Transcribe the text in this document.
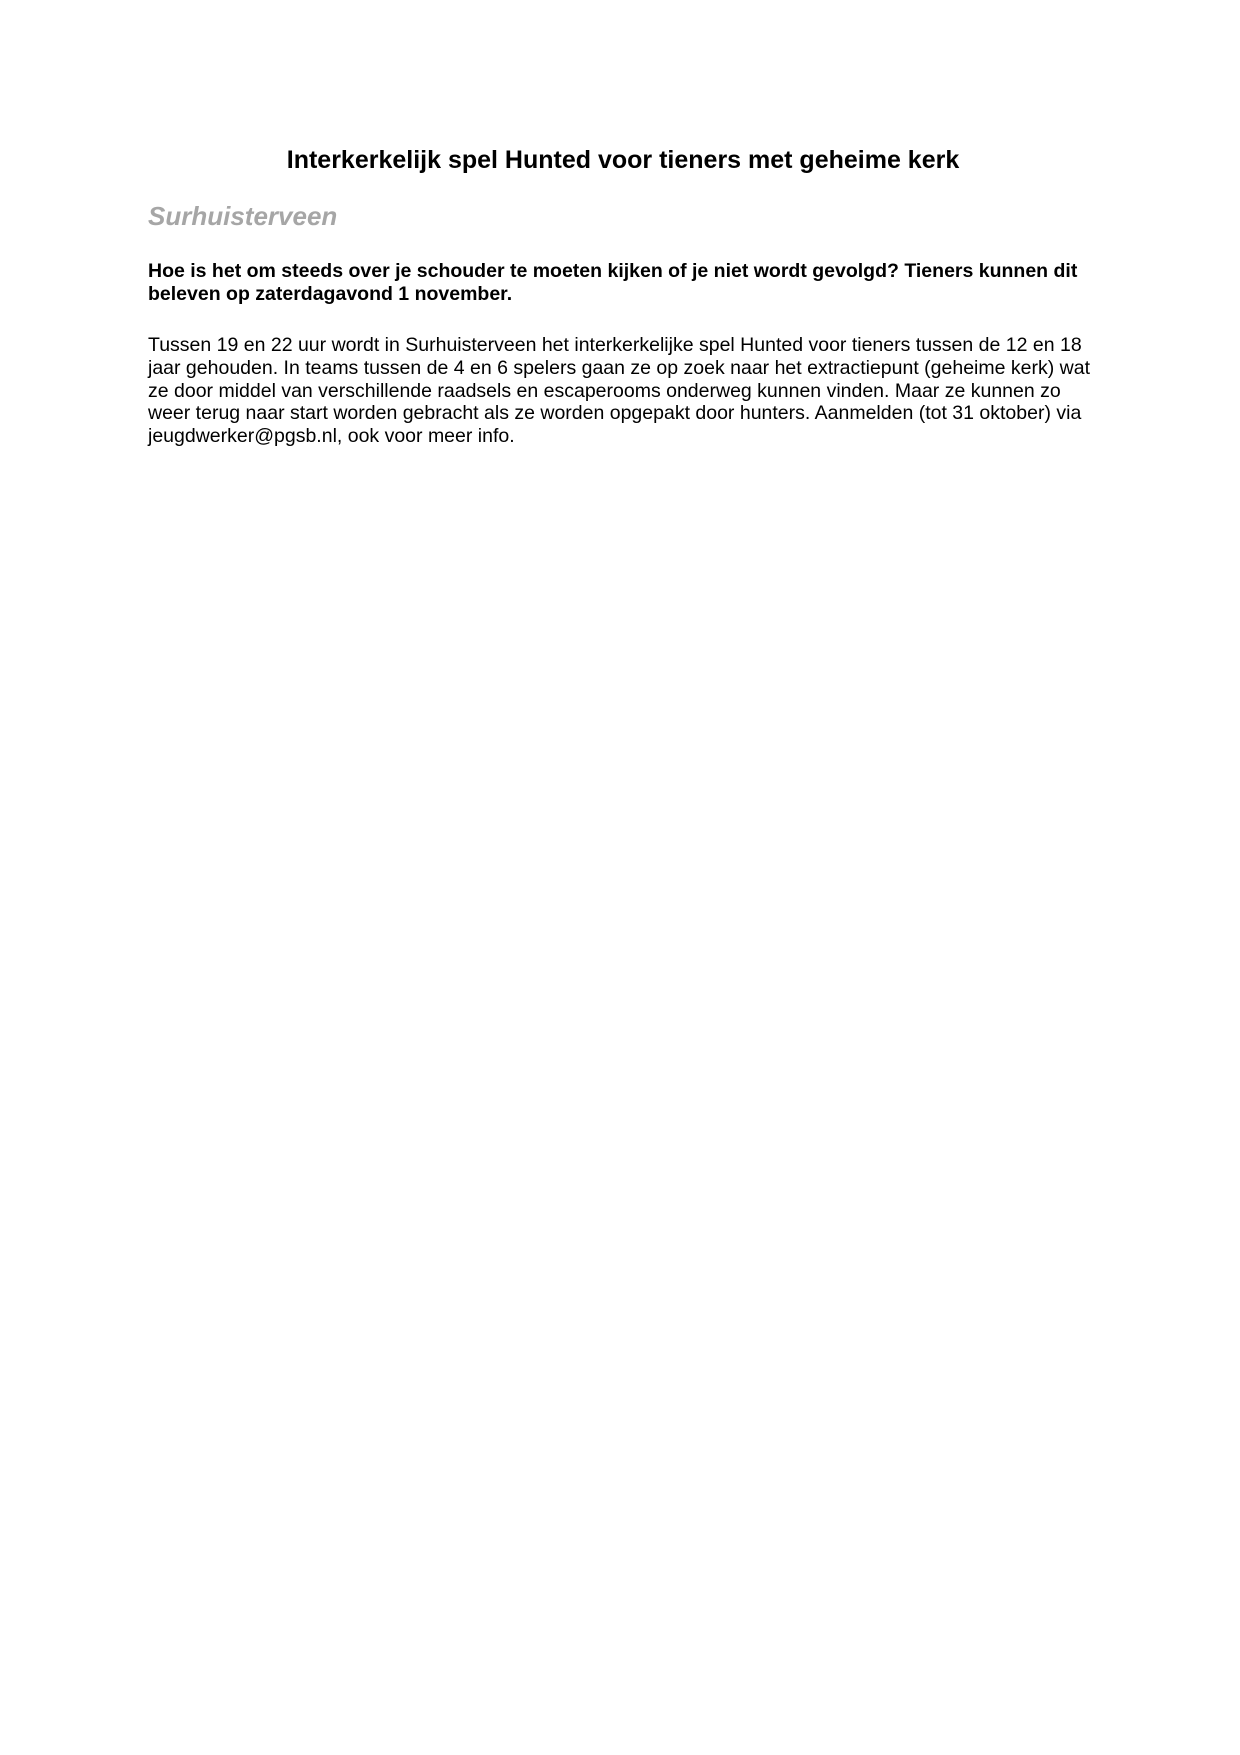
Interkerkelijk spel Hunted voor tieners met geheime kerk
Surhuisterveen

Hoe is het om steeds over je schouder te moeten kijken of je niet wordt gevolgd? Tieners kunnen dit beleven op zaterdagavond 1 november.

Tussen 19 en 22 uur wordt in Surhuisterveen het interkerkelijke spel Hunted voor tieners tussen de 12 en 18 jaar gehouden. In teams tussen de 4 en 6 spelers gaan ze op zoek naar het extractiepunt (geheime kerk) wat ze door middel van verschillende raadsels en escaperooms onderweg kunnen vinden. Maar ze kunnen zo weer terug naar start worden gebracht als ze worden opgepakt door hunters. Aanmelden (tot 31 oktober) via jeugdwerker@pgsb.nl, ook voor meer info.
